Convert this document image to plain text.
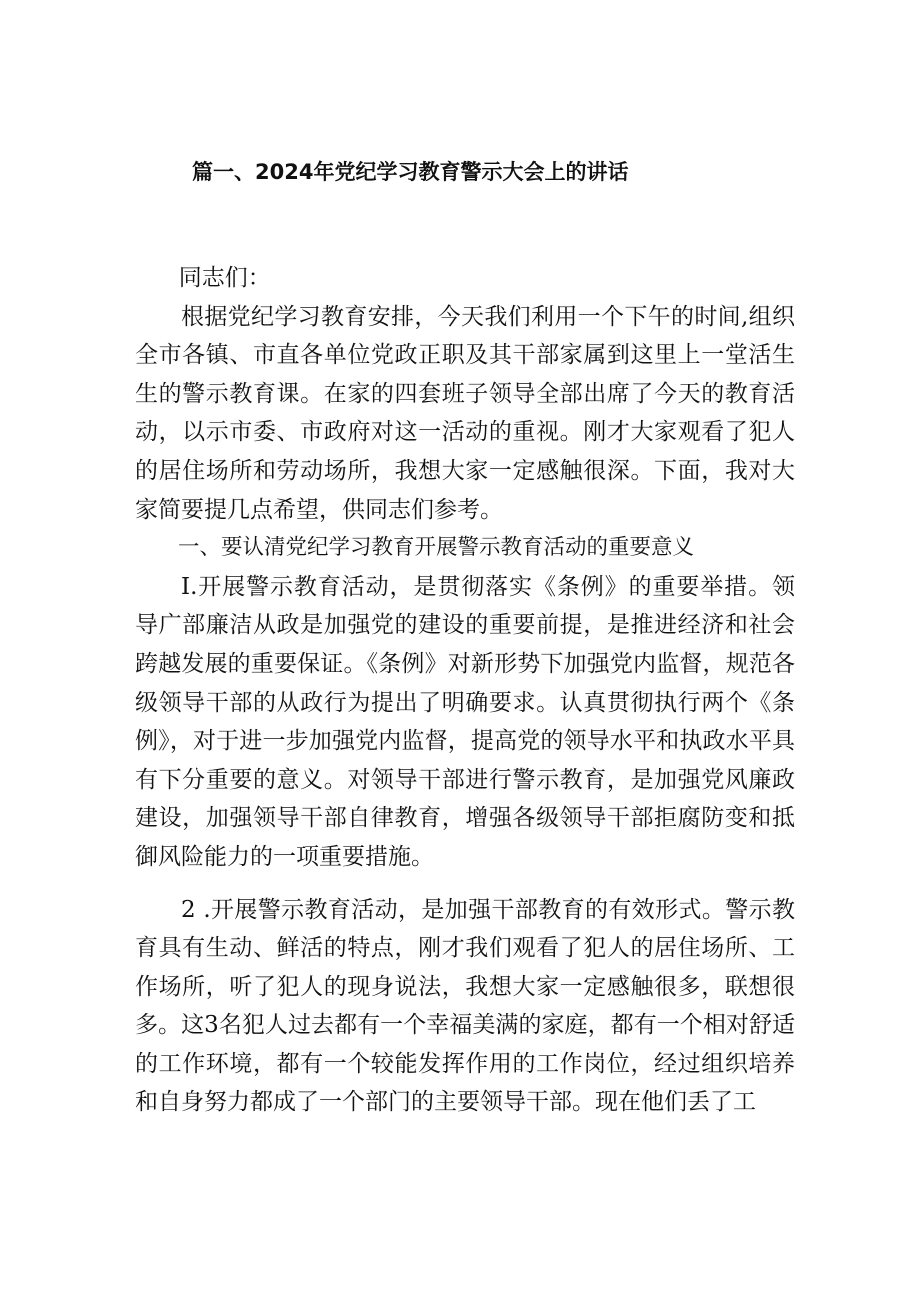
篇一、2024年党纪学习教育警示大会上的讲话

同志们：

根据党纪学习教育安排，今天我们利用一个下午的时间,组织全市各镇、市直各单位党政正职及其干部家属到这里上一堂活生生的警示教育课。在家的四套班子领导全部出席了今天的教育活动，以示市委、市政府对这一活动的重视。刚才大家观看了犯人的居住场所和劳动场所，我想大家一定感触很深。下面，我对大家简要提几点希望，供同志们参考。

一、要认清党纪学习教育开展警示教育活动的重要意义

I.开展警示教育活动，是贯彻落实《条例》的重要举措。领导广部廉洁从政是加强党的建设的重要前提，是推进经济和社会跨越发展的重要保证。《条例》对新形势下加强党内监督，规范各级领导干部的从政行为提出了明确要求。认真贯彻执行两个《条例》，对于进一步加强党内监督，提高党的领导水平和执政水平具有下分重要的意义。对领导干部进行警示教育，是加强党风廉政建设，加强领导干部自律教育，增强各级领导干部拒腐防变和抵御风险能力的一项重要措施。

2 .开展警示教育活动，是加强干部教育的有效形式。警示教育具有生动、鲜活的特点，刚才我们观看了犯人的居住场所、工作场所，听了犯人的现身说法，我想大家一定感触很多，联想很多。这3名犯人过去都有一个幸福美满的家庭，都有一个相对舒适的工作环境，都有一个较能发挥作用的工作岗位，经过组织培养和自身努力都成了一个部门的主要领导干部。现在他们丢了工
